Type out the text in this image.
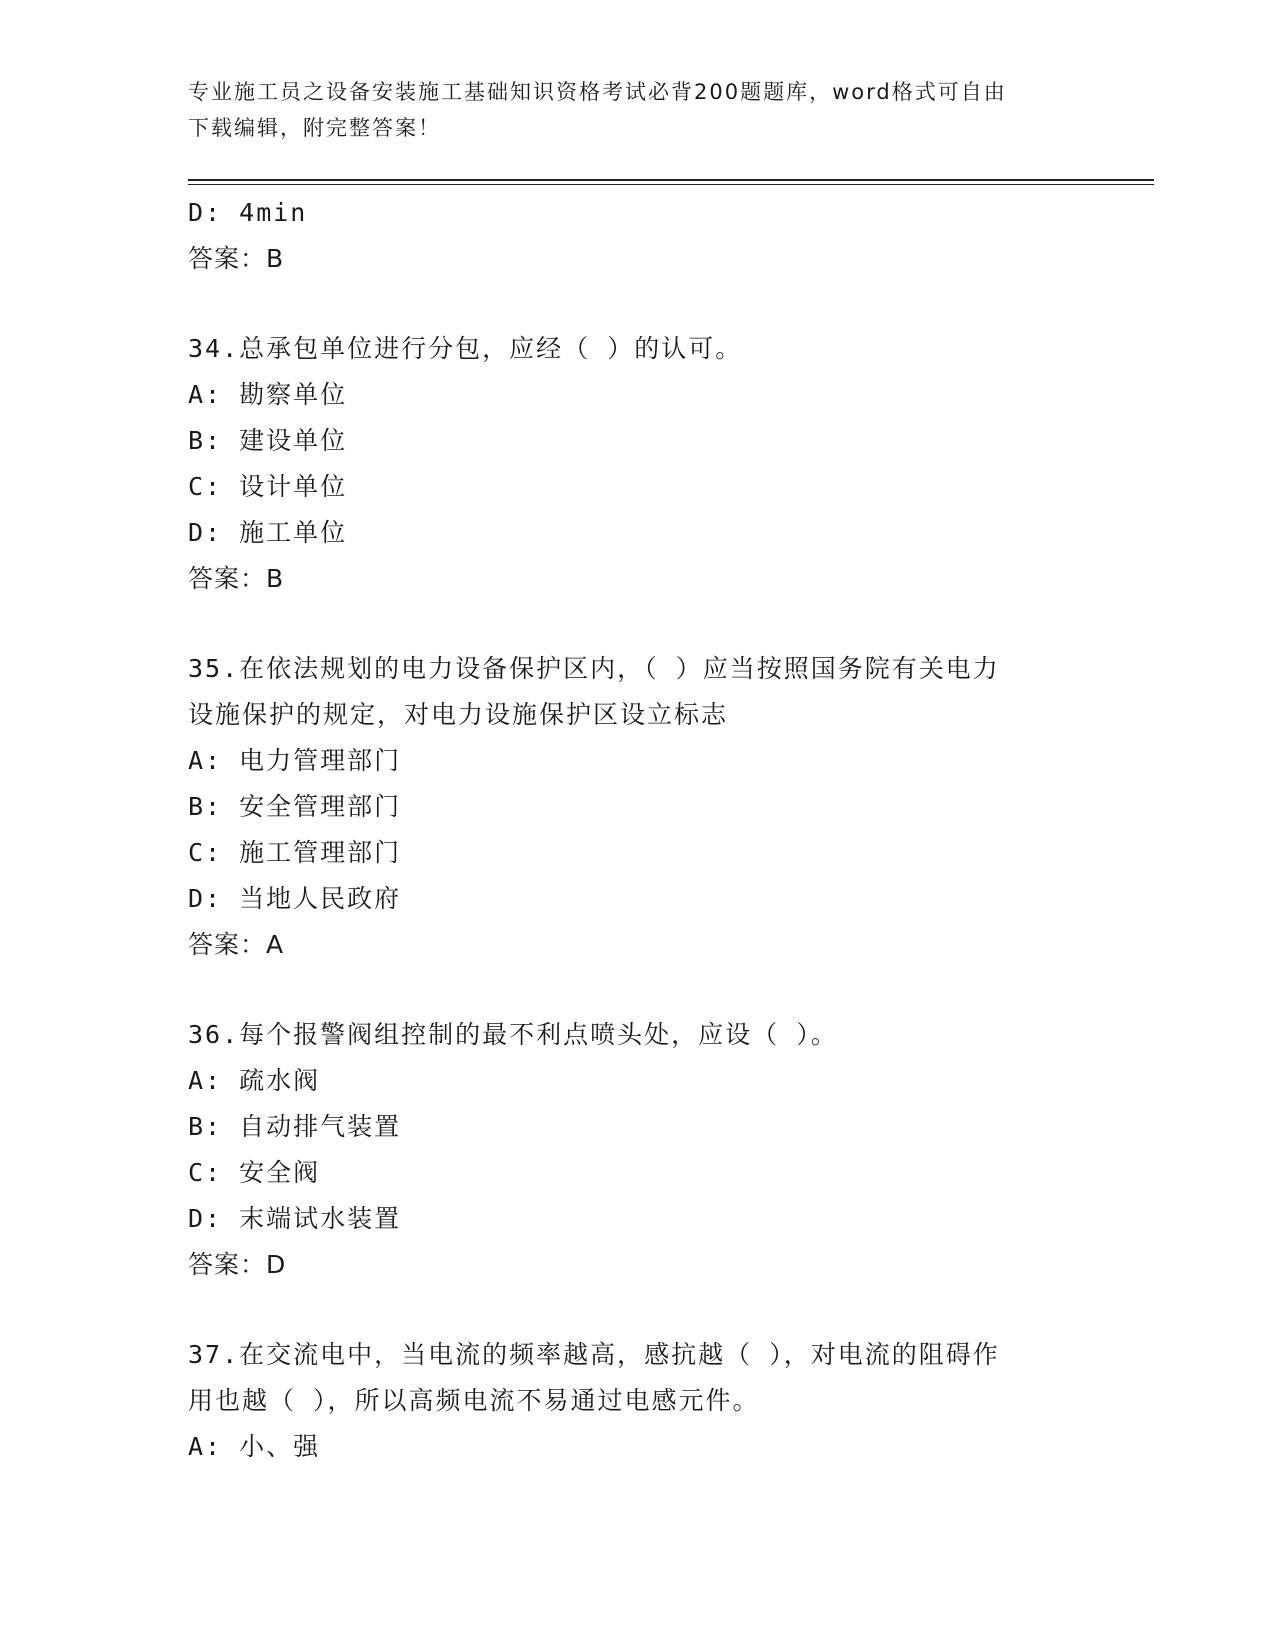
专业施工员之设备安装施工基础知识资格考试必背200题题库，word格式可自由
下载编辑，附完整答案！
D: 4min
答案：B
34.总承包单位进行分包，应经（ ）的认可。
A: 勘察单位
B: 建设单位
C: 设计单位
D: 施工单位
答案：B
35.在依法规划的电力设备保护区内，（ ）应当按照国务院有关电力
设施保护的规定，对电力设施保护区设立标志
A: 电力管理部门
B: 安全管理部门
C: 施工管理部门
D: 当地人民政府
答案：A
36.每个报警阀组控制的最不利点喷头处，应设（ ）。
A: 疏水阀
B: 自动排气装置
C: 安全阀
D: 末端试水装置
答案：D
37.在交流电中，当电流的频率越高，感抗越（ ），对电流的阻碍作
用也越（ ），所以高频电流不易通过电感元件。
A: 小、强
